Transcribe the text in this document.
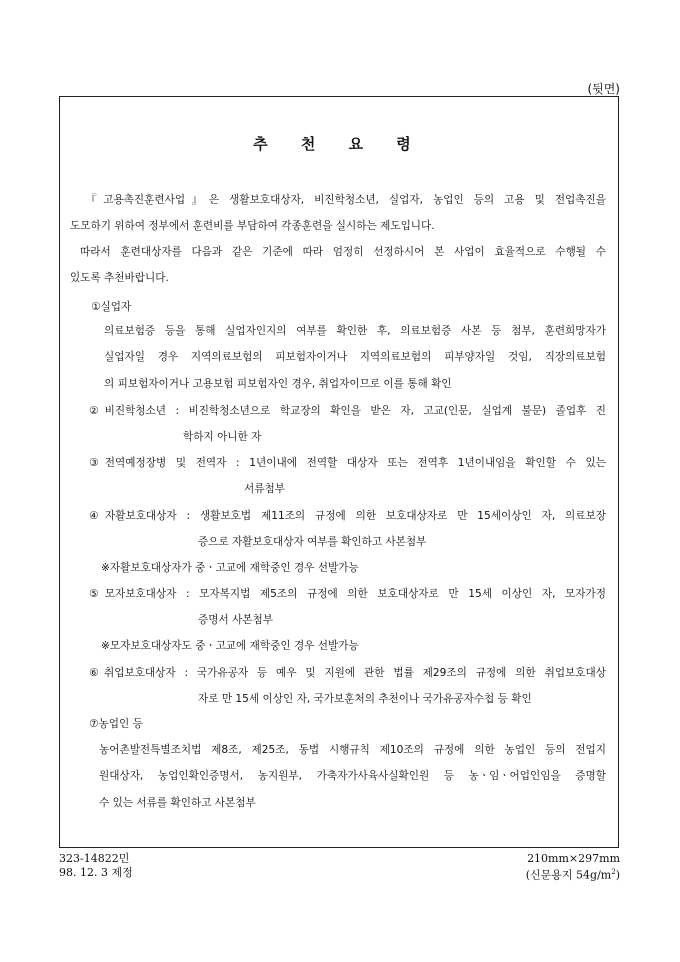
(뒷면)
추 천 요 령
『고용촉진훈련사업』은 생활보호대상자, 비진학청소년, 실업자, 농업인 등의 고용 및 전업촉진을
도모하기 위하여 정부에서 훈련비를 부담하여 각종훈련을 실시하는 제도입니다.
따라서 훈련대상자를 다음과 같은 기준에 따라 엄정히 선정하시어 본 사업이 효율적으로 수행될 수
있도록 추천바랍니다.
①실업자
의료보험증 등을 통해 실업자인지의 여부를 확인한 후, 의료보험증 사본 등 첨부, 훈련희망자가
실업자일 경우 지역의료보험의 피보험자이거나 지역의료보험의 피부양자일 것임, 직장의료보험
의 피보험자이거나 고용보험 피보험자인 경우, 취업자이므로 이를 통해 확인
②비진학청소년 : 비진학청소년으로 학교장의 확인을 받은 자, 고교(인문, 실업계 불문) 졸업후 진
학하지 아니한 자
③전역예정장병 및 전역자 : 1년이내에 전역할 대상자 또는 전역후 1년이내임을 확인할 수 있는
서류첨부
④자활보호대상자 : 생활보호법 제11조의 규정에 의한 보호대상자로 만 15세이상인 자, 의료보장
증으로 자활보호대상자 여부를 확인하고 사본첨부
※자활보호대상자가 중ㆍ고교에 재학중인 경우 선발가능
⑤모자보호대상자 : 모자복지법 제5조의 규정에 의한 보호대상자로 만 15세 이상인 자, 모자가정
증명서 사본첨부
※모자보호대상자도 중ㆍ고교에 재학중인 경우 선발가능
⑥취업보호대상자 : 국가유공자 등 예우 및 지원에 관한 법률 제29조의 규정에 의한 취업보호대상
자로 만 15세 이상인 자, 국가보훈처의 추천이나 국가유공자수첩 등 확인
⑦농업인 등
농어촌발전특별조치법 제8조, 제25조, 동법 시행규칙 제10조의 규정에 의한 농업인 등의 전업지
원대상자, 농업인확인증명서, 농지원부, 가축자가사육사실확인원 등 농ㆍ임ㆍ어업인임을 증명할
수 있는 서류를 확인하고 사본첨부
323-14822민
98. 12. 3 제정
210mm×297mm
(신문용지 $54g/m^2$)
